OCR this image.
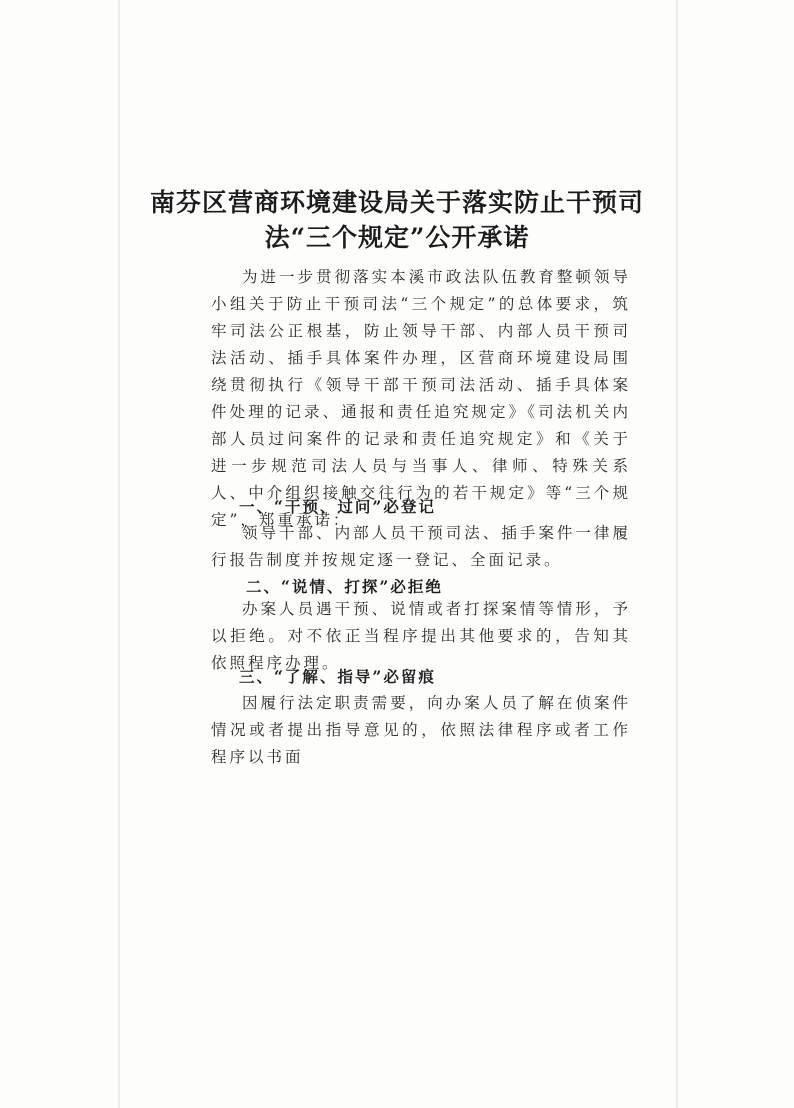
南芬区营商环境建设局关于落实防止干预司
法“三个规定”公开承诺

为进一步贯彻落实本溪市政法队伍教育整顿领导小组关于防止干预司法“三个规定”的总体要求，筑牢司法公正根基，防止领导干部、内部人员干预司法活动、插手具体案件办理，区营商环境建设局围绕贯彻执行《领导干部干预司法活动、插手具体案件处理的记录、通报和责任追究规定》《司法机关内部人员过问案件的记录和责任追究规定》和《关于进一步规范司法人员与当事人、律师、特殊关系人、中介组织接触交往行为的若干规定》等“三个规定”，郑重承诺：

一、“干预、过问”必登记

领导干部、内部人员干预司法、插手案件一律履行报告制度并按规定逐一登记、全面记录。

二、“说情、打探”必拒绝

办案人员遇干预、说情或者打探案情等情形，予以拒绝。对不依正当程序提出其他要求的，告知其依照程序办理。

三、“了解、指导”必留痕

因履行法定职责需要，向办案人员了解在侦案件情况或者提出指导意见的，依照法律程序或者工作程序以书面
